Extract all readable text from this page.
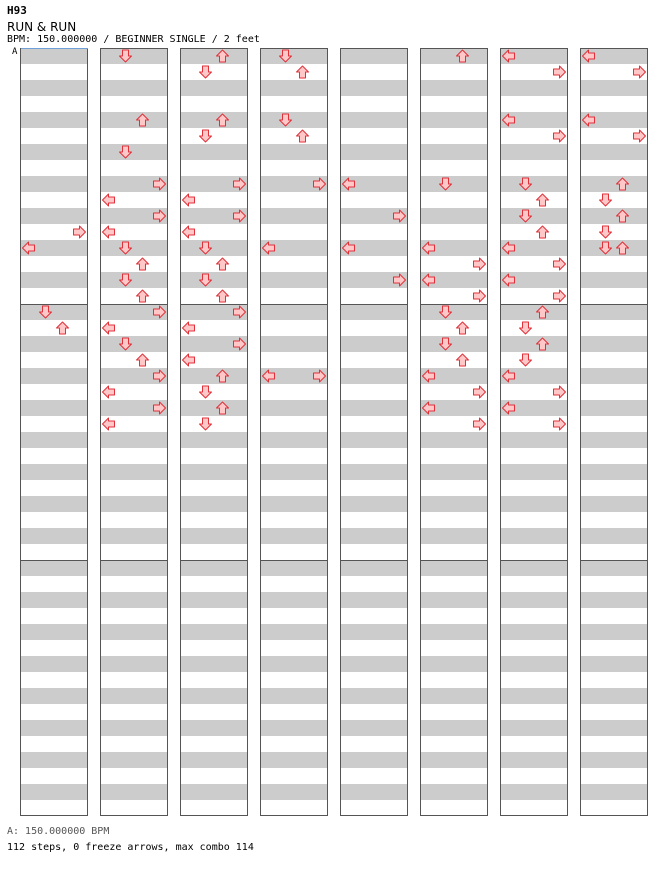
H93
RUN & RUN
BPM: 150.000000 / BEGINNER SINGLE / 2 feet
A
A: 150.000000 BPM
112 steps, 0 freeze arrows, max combo 114
